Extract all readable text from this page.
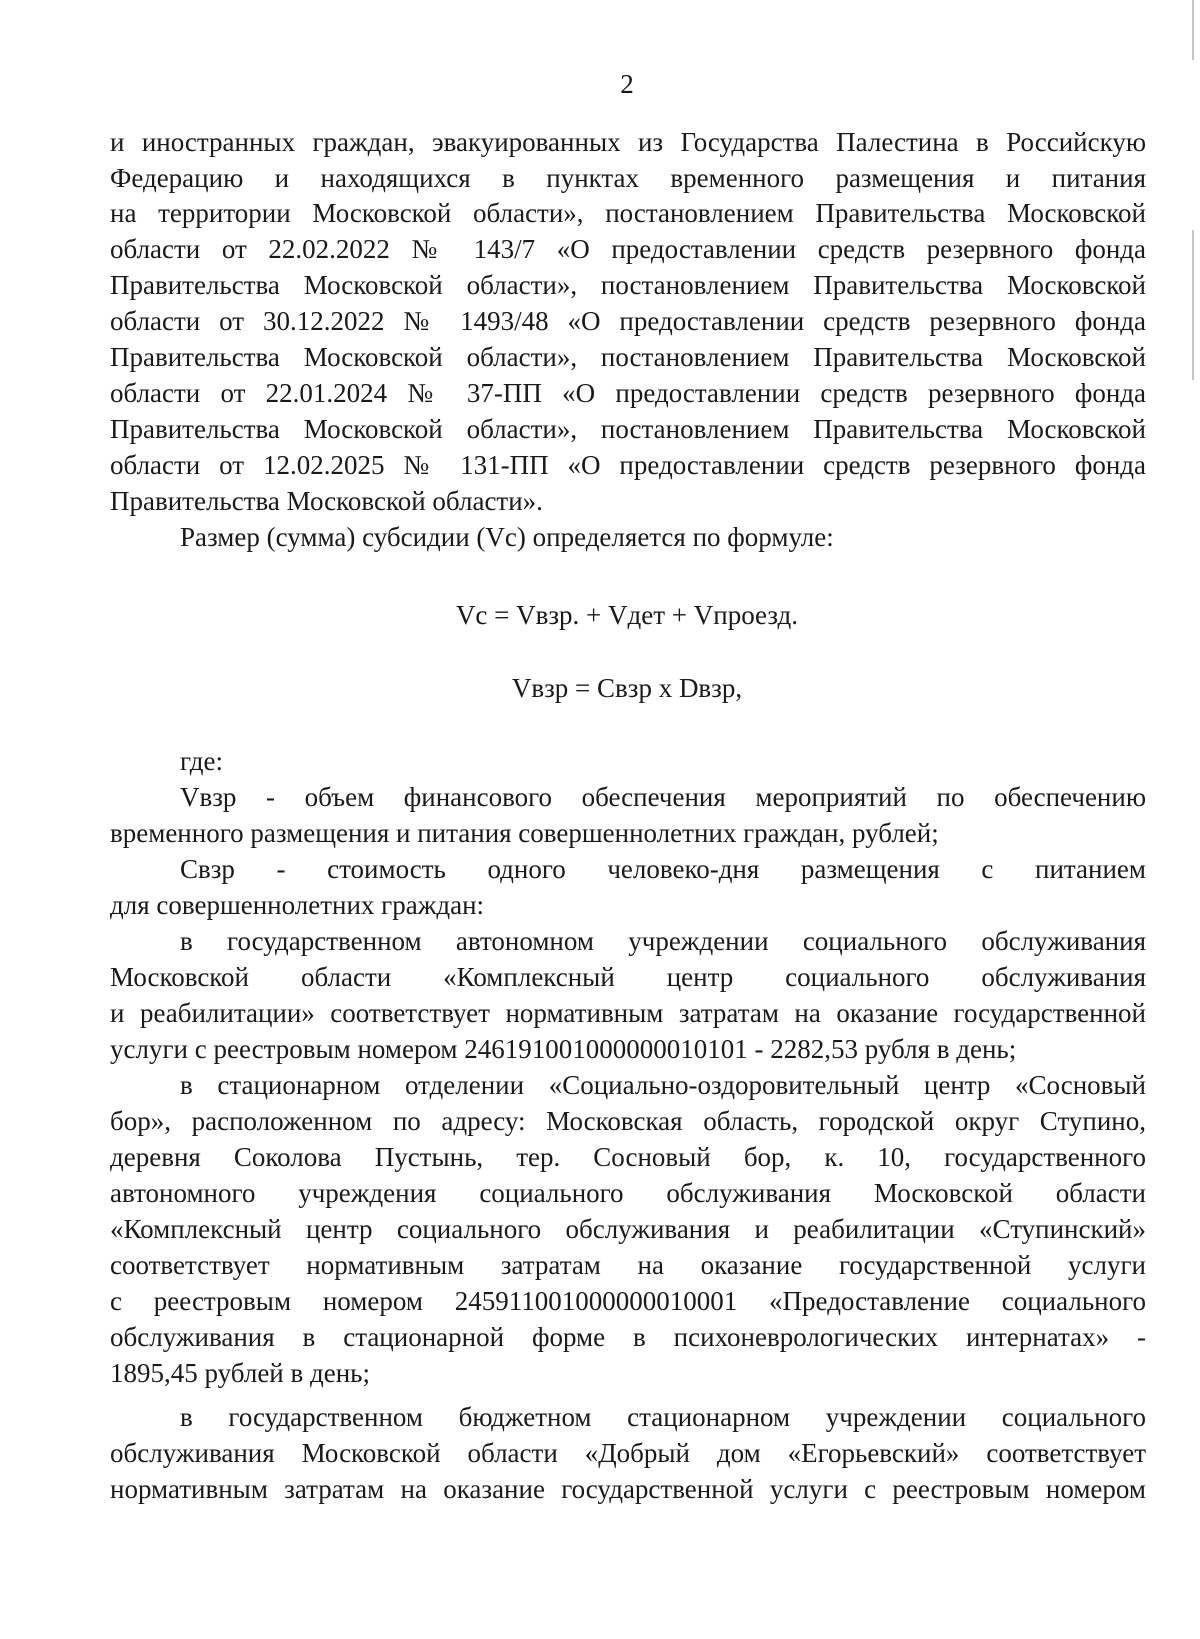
2
и иностранных граждан, эвакуированных из Государства Палестина в Российскую
Федерацию и находящихся в пунктах временного размещения и питания
на территории Московской области», постановлением Правительства Московской
области от 22.02.2022 № 143/7 «О предоставлении средств резервного фонда
Правительства Московской области», постановлением Правительства Московской
области от 30.12.2022 № 1493/48 «О предоставлении средств резервного фонда
Правительства Московской области», постановлением Правительства Московской
области от 22.01.2024 № 37-ПП «О предоставлении средств резервного фонда
Правительства Московской области», постановлением Правительства Московской
области от 12.02.2025 № 131-ПП «О предоставлении средств резервного фонда
Правительства Московской области».
Размер (сумма) субсидии (Vс) определяется по формуле:
Vс = Vвзр. + Vдет + Vпроезд.
Vвзр = Свзр x Dвзр,
где:
Vвзр - объем финансового обеспечения мероприятий по обеспечению
временного размещения и питания совершеннолетних граждан, рублей;
Свзр - стоимость одного человеко-дня размещения с питанием
для совершеннолетних граждан:
в государственном автономном учреждении социального обслуживания
Московской области «Комплексный центр социального обслуживания
и реабилитации» соответствует нормативным затратам на оказание государственной
услуги с реестровым номером 246191001000000010101 - 2282,53 рубля в день;
в стационарном отделении «Социально-оздоровительный центр «Сосновый
бор», расположенном по адресу: Московская область, городской округ Ступино,
деревня Соколова Пустынь, тер. Сосновый бор, к. 10, государственного
автономного учреждения социального обслуживания Московской области
«Комплексный центр социального обслуживания и реабилитации «Ступинский»
соответствует нормативным затратам на оказание государственной услуги
с реестровым номером 245911001000000010001 «Предоставление социального
обслуживания в стационарной форме в психоневрологических интернатах» -
1895,45 рублей в день;
в государственном бюджетном стационарном учреждении социального
обслуживания Московской области «Добрый дом «Егорьевский» соответствует
нормативным затратам на оказание государственной услуги с реестровым номером
